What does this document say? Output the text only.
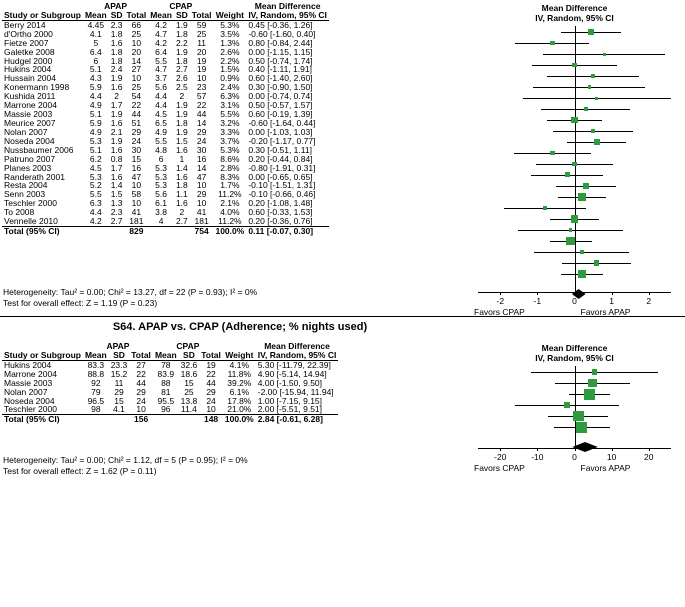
	APAP			CPAP				Mean Difference
Study or Subgroup	Mean	SD	Total	Mean	SD	Total	Weight	IV, Random, 95% CI
Berry 2014	4.45	2.3	66	4.2	1.9	59	5.3%	0.45 [-0.36, 1.26]
d'Ortho 2000	4.1	1.8	25	4.7	1.8	25	3.5%	-0.60 [-1.60, 0.40]
Fietze 2007	5	1.6	10	4.2	2.2	11	1.3%	0.80 [-0.84, 2.44]
Galetke 2008	6.4	1.8	20	6.4	1.9	20	2.6%	0.00 [-1.15, 1.15]
Hudgel 2000	6	1.8	14	5.5	1.8	19	2.2%	0.50 [-0.74, 1.74]
Hukins 2004	5.1	2.4	27	4.7	2.7	19	1.5%	0.40 [-1.11, 1.91]
Hussain 2004	4.3	1.9	10	3.7	2.6	10	0.9%	0.60 [-1.40, 2.60]
Konermann 1998	5.9	1.6	25	5.6	2.5	23	2.4%	0.30 [-0.90, 1.50]
Kushida 2011	4.4	2	54	4.4	2	57	6.3%	0.00 [-0.74, 0.74]
Marrone 2004	4.9	1.7	22	4.4	1.9	22	3.1%	0.50 [-0.57, 1.57]
Massie 2003	5.1	1.9	44	4.5	1.9	44	5.5%	0.60 [-0.19, 1.39]
Meurice 2007	5.9	1.6	51	6.5	1.8	14	3.2%	-0.60 [-1.64, 0.44]
Nolan 2007	4.9	2.1	29	4.9	1.9	29	3.3%	0.00 [-1.03, 1.03]
Noseda 2004	5.3	1.9	24	5.5	1.5	24	3.7%	-0.20 [-1.17, 0.77]
Nussbaumer 2006	5.1	1.6	30	4.8	1.6	30	5.3%	0.30 [-0.51, 1.11]
Patruno 2007	6.2	0.8	15	6	1	16	8.6%	0.20 [-0.44, 0.84]
Planes 2003	4.5	1.7	16	5.3	1.4	14	2.8%	-0.80 [-1.91, 0.31]
Randerath 2001	5.3	1.6	47	5.3	1.6	47	8.3%	0.00 [-0.65, 0.65]
Resta 2004	5.2	1.4	10	5.3	1.8	10	1.7%	-0.10 [-1.51, 1.31]
Senn 2003	5.5	1.5	58	5.6	1.1	29	11.2%	-0.10 [-0.66, 0.46]
Teschler 2000	6.3	1.3	10	6.1	1.6	10	2.1%	0.20 [-1.08, 1.48]
To 2008	4.4	2.3	41	3.8	2	41	4.0%	0.60 [-0.33, 1.53]
Vennelle 2010	4.2	2.7	181	4	2.7	181	11.2%	0.20 [-0.36, 0.76]
Total (95% CI)			829			754	100.0%	0.11 [-0.07, 0.30]
Mean Difference
IV, Random, 95% CI
-2	-1	0	1	2
Favors CPAP	Favors APAP
Heterogeneity: Tau² = 0.00; Chi² = 13.27, df = 22 (P = 0.93); I² = 0%
Test for overall effect: Z = 1.19 (P = 0.23)
S64. APAP vs. CPAP (Adherence; % nights used)
	APAP			CPAP				Mean Difference
Study or Subgroup	Mean	SD	Total	Mean	SD	Total	Weight	IV, Random, 95% CI
Hukins 2004	83.3	23.3	27	78	32.6	19	4.1%	5.30 [-11.79, 22.39]
Marrone 2004	88.8	15.2	22	83.9	18.6	22	11.8%	4.90 [-5.14, 14.94]
Massie 2003	92	11	44	88	15	44	39.2%	4.00 [-1.50, 9.50]
Nolan 2007	79	29	29	81	25	29	6.1%	-2.00 [-15.94, 11.94]
Noseda 2004	96.5	15	24	95.5	13.8	24	17.8%	1.00 [-7.15, 9.15]
Teschler 2000	98	4.1	10	96	11.4	10	21.0%	2.00 [-5.51, 9.51]
Total (95% CI)			156			148	100.0%	2.84 [-0.61, 6.28]
Mean Difference
IV, Random, 95% CI
-20	-10	0	10	20
Favors CPAP	Favors APAP
Heterogeneity: Tau² = 0.00; Chi² = 1.12, df = 5 (P = 0.95); I² = 0%
Test for overall effect: Z = 1.62 (P = 0.11)
